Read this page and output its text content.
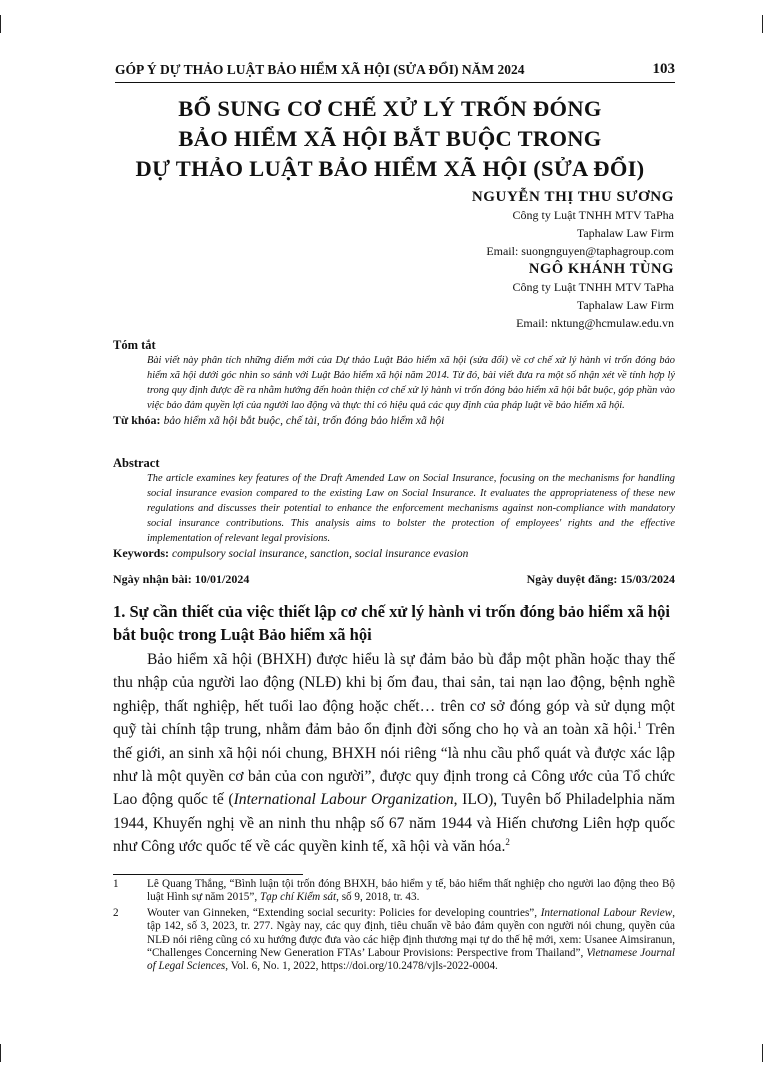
GÓP Ý DỰ THẢO LUẬT BẢO HIỂM XÃ HỘI (SỬA ĐỔI) NĂM 2024	103
BỔ SUNG CƠ CHẾ XỬ LÝ TRỐN ĐÓNG
BẢO HIỂM XÃ HỘI BẮT BUỘC TRONG
DỰ THẢO LUẬT BẢO HIỂM XÃ HỘI (SỬA ĐỔI)
NGUYỄN THỊ THU SƯƠNG
Công ty Luật TNHH MTV TaPha
Taphalaw Law Firm
Email: suongnguyen@taphagroup.com
NGÔ KHÁNH TÙNG
Công ty Luật TNHH MTV TaPha
Taphalaw Law Firm
Email: nktung@hcmulaw.edu.vn
Tóm tắt
Bài viết này phân tích những điểm mới của Dự thảo Luật Bảo hiểm xã hội (sửa đổi) về cơ chế xử lý hành vi trốn đóng bảo hiểm xã hội dưới góc nhìn so sánh với Luật Bảo hiểm xã hội năm 2014. Từ đó, bài viết đưa ra một số nhận xét về tính hợp lý trong quy định được đề ra nhằm hướng đến hoàn thiện cơ chế xử lý hành vi trốn đóng bảo hiểm xã hội bắt buộc, góp phần vào việc bảo đảm quyền lợi của người lao động và thực thi có hiệu quả các quy định của pháp luật về bảo hiểm xã hội.
Từ khóa: bảo hiểm xã hội bắt buộc, chế tài, trốn đóng bảo hiểm xã hội
Abstract
The article examines key features of the Draft Amended Law on Social Insurance, focusing on the mechanisms for handling social insurance evasion compared to the existing Law on Social Insurance. It evaluates the appropriateness of these new regulations and discusses their potential to enhance the enforcement mechanisms against non-compliance with mandatory social insurance contributions. This analysis aims to bolster the protection of employees' rights and the effective implementation of relevant legal provisions.
Keywords: compulsory social insurance, sanction, social insurance evasion
Ngày nhận bài: 10/01/2024	Ngày duyệt đăng: 15/03/2024
1. Sự cần thiết của việc thiết lập cơ chế xử lý hành vi trốn đóng bảo hiểm xã hội bắt buộc trong Luật Bảo hiểm xã hội
Bảo hiểm xã hội (BHXH) được hiểu là sự đảm bảo bù đắp một phần hoặc thay thế thu nhập của người lao động (NLĐ) khi bị ốm đau, thai sản, tai nạn lao động, bệnh nghề nghiệp, thất nghiệp, hết tuổi lao động hoặc chết… trên cơ sở đóng góp và sử dụng một quỹ tài chính tập trung, nhằm đảm bảo ổn định đời sống cho họ và an toàn xã hội.$^1$ Trên thế giới, an sinh xã hội nói chung, BHXH nói riêng “là nhu cầu phổ quát và được xác lập như là một quyền cơ bản của con người”, được quy định trong cả Công ước của Tổ chức Lao động quốc tế (International Labour Organization, ILO), Tuyên bố Philadelphia năm 1944, Khuyến nghị về an ninh thu nhập số 67 năm 1944 và Hiến chương Liên hợp quốc như Công ước quốc tế về các quyền kinh tế, xã hội và văn hóa.$^2$
1	Lê Quang Thắng, “Bình luận tội trốn đóng BHXH, bảo hiểm y tế, bảo hiểm thất nghiệp cho người lao động theo Bộ luật Hình sự năm 2015”, Tạp chí Kiểm sát, số 9, 2018, tr. 43.
2	Wouter van Ginneken, “Extending social security: Policies for developing countries”, International Labour Review, tập 142, số 3, 2023, tr. 277. Ngày nay, các quy định, tiêu chuẩn về bảo đảm quyền con người nói chung, quyền của NLĐ nói riêng cũng có xu hướng được đưa vào các hiệp định thương mại tự do thế hệ mới, xem: Usanee Aimsiranun, “Challenges Concerning New Generation FTAs’ Labour Provisions: Perspective from Thailand”, Vietnamese Journal of Legal Sciences, Vol. 6, No. 1, 2022, https://doi.org/10.2478/vjls-2022-0004.
